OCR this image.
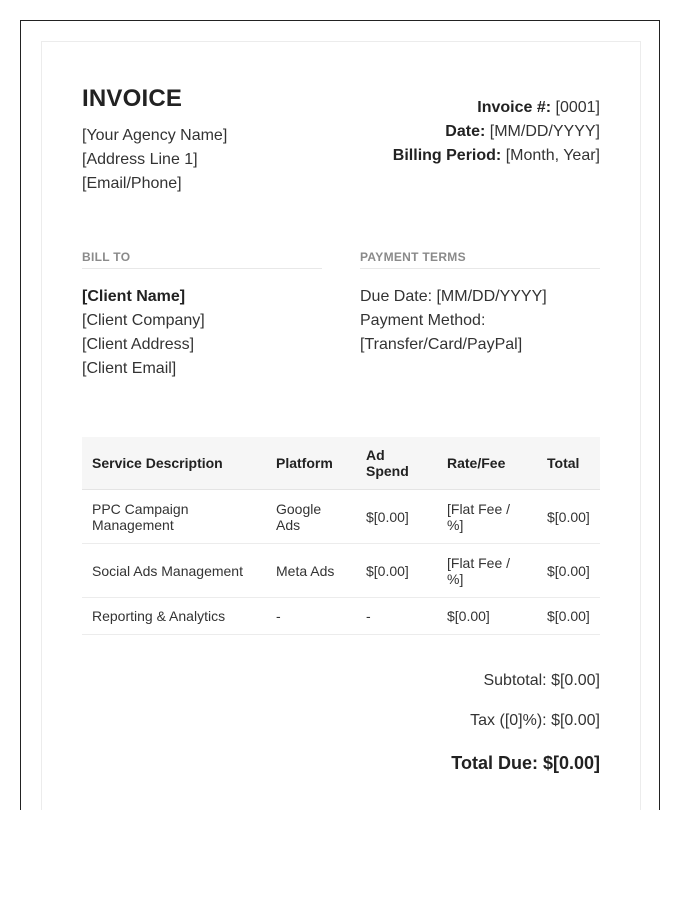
INVOICE
[Your Agency Name]
[Address Line 1]
[Email/Phone]
Invoice #: [0001]
Date: [MM/DD/YYYY]
Billing Period: [Month, Year]
BILL TO
[Client Name]
[Client Company]
[Client Address]
[Client Email]
PAYMENT TERMS
Due Date: [MM/DD/YYYY]
Payment Method:
[Transfer/Card/PayPal]
Service Description	Platform	Ad Spend	Rate/Fee	Total
PPC Campaign Management	Google Ads	$[0.00]	[Flat Fee / %]	$[0.00]
Social Ads Management	Meta Ads	$[0.00]	[Flat Fee / %]	$[0.00]
Reporting & Analytics	-	-	$[0.00]	$[0.00]
Subtotal: $[0.00]
Tax ([0]%): $[0.00]
Total Due: $[0.00]
